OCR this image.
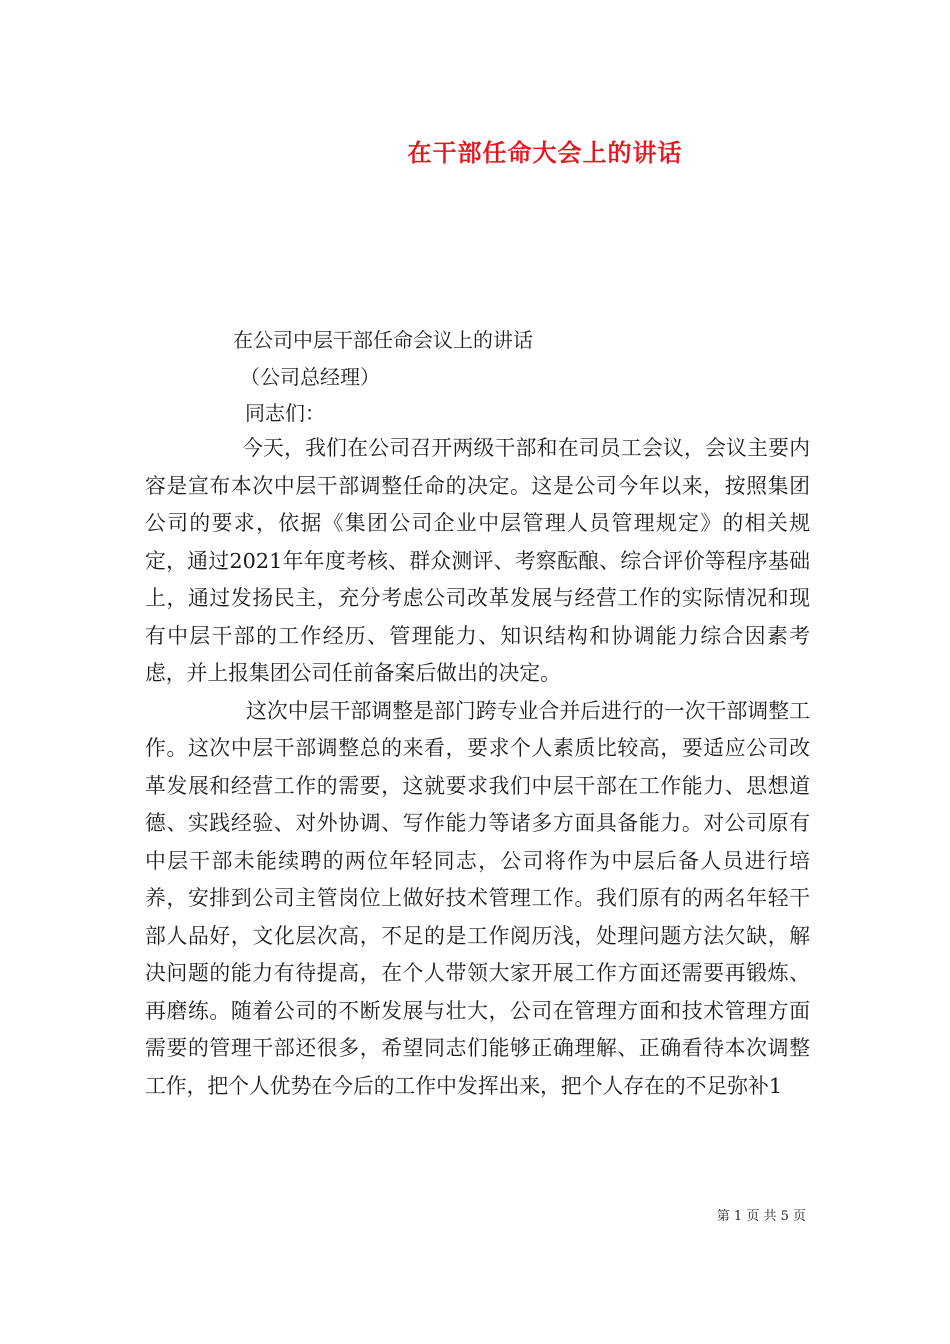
在干部任命大会上的讲话
在公司中层干部任命会议上的讲话
（公司总经理）
同志们：

今天，我们在公司召开两级干部和在司员工会议，会议主要内容是宣布本次中层干部调整任命的决定。这是公司今年以来，按照集团公司的要求，依据《集团公司企业中层管理人员管理规定》的相关规定，通过2021年年度考核、群众测评、考察酝酿、综合评价等程序基础上，通过发扬民主，充分考虑公司改革发展与经营工作的实际情况和现有中层干部的工作经历、管理能力、知识结构和协调能力综合因素考虑，并上报集团公司任前备案后做出的决定。

这次中层干部调整是部门跨专业合并后进行的一次干部调整工作。这次中层干部调整总的来看，要求个人素质比较高，要适应公司改革发展和经营工作的需要，这就要求我们中层干部在工作能力、思想道德、实践经验、对外协调、写作能力等诸多方面具备能力。对公司原有中层干部未能续聘的两位年轻同志，公司将作为中层后备人员进行培养，安排到公司主管岗位上做好技术管理工作。我们原有的两名年轻干部人品好，文化层次高，不足的是工作阅历浅，处理问题方法欠缺，解决问题的能力有待提高，在个人带领大家开展工作方面还需要再锻炼、再磨练。随着公司的不断发展与壮大，公司在管理方面和技术管理方面需要的管理干部还很多，希望同志们能够正确理解、正确看待本次调整工作，把个人优势在今后的工作中发挥出来，把个人存在的不足弥补1

第 1 页 共 5 页
